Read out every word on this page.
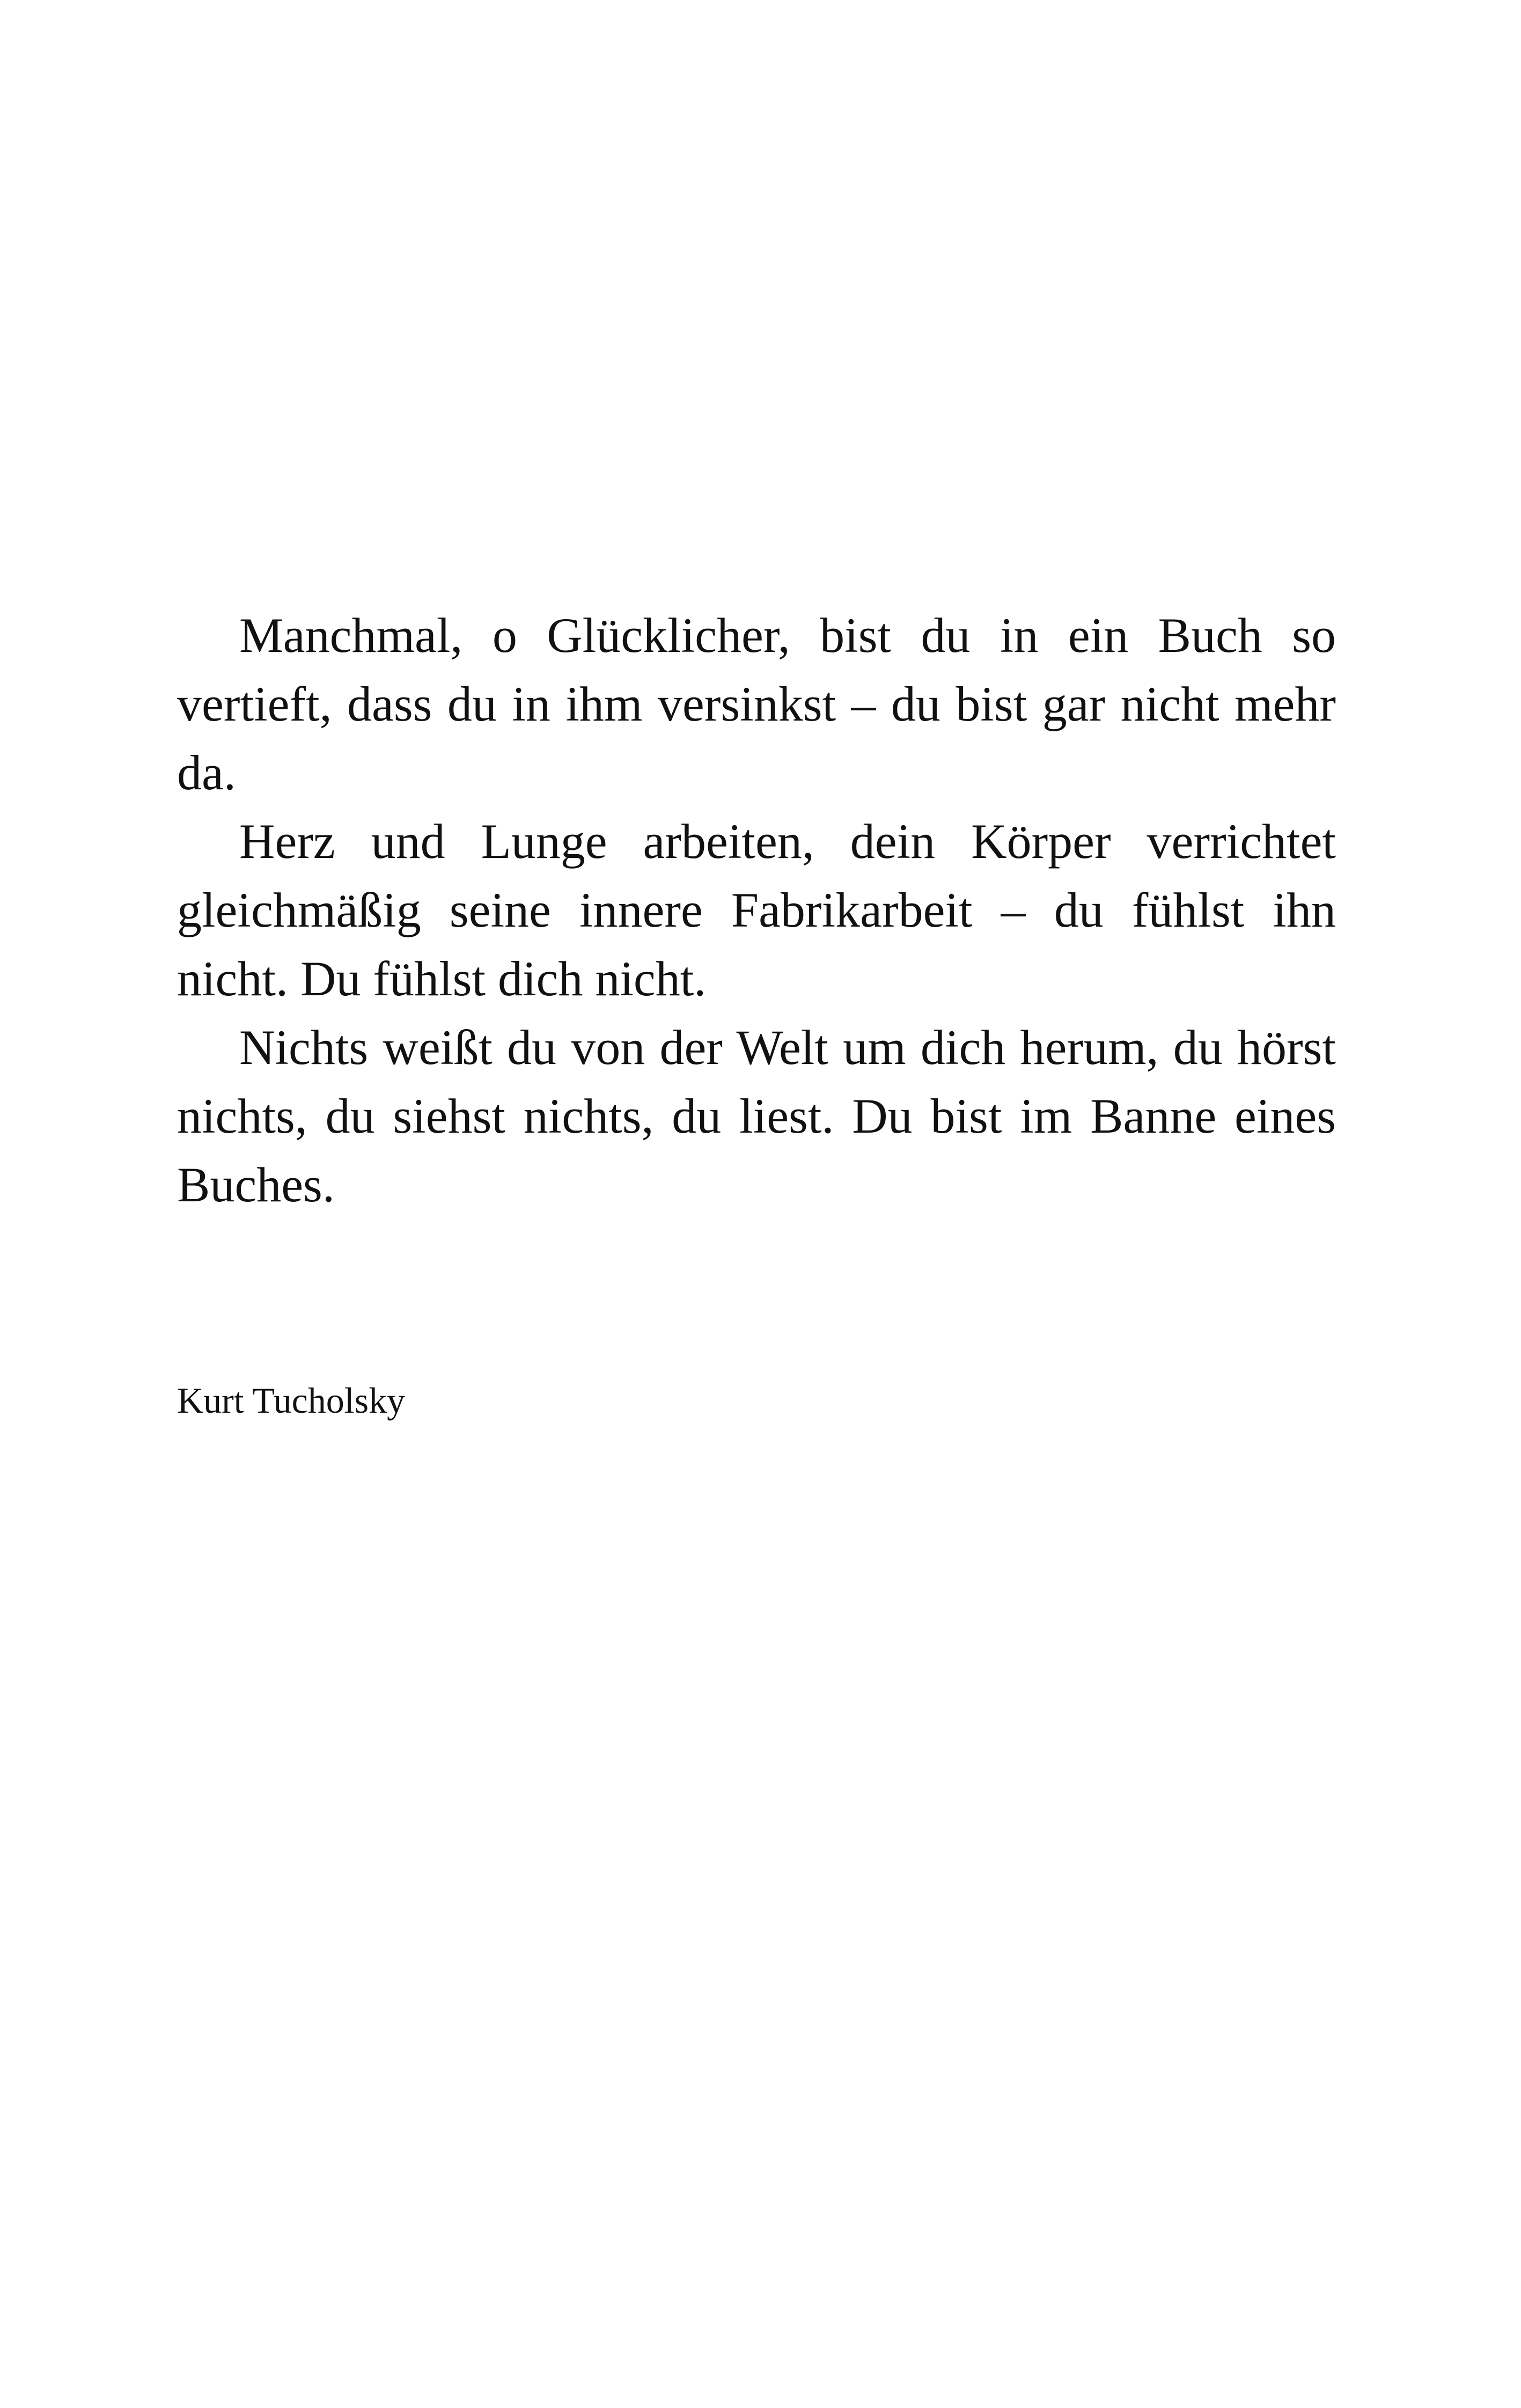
Manchmal, o Glücklicher, bist du in ein Buch so vertieft, dass du in ihm versinkst – du bist gar nicht mehr da.

Herz und Lunge arbeiten, dein Körper verrichtet gleichmäßig seine innere Fabrikarbeit – du fühlst ihn nicht. Du fühlst dich nicht.

Nichts weißt du von der Welt um dich herum, du hörst nichts, du siehst nichts, du liest. Du bist im Banne eines Buches.

Kurt Tucholsky
